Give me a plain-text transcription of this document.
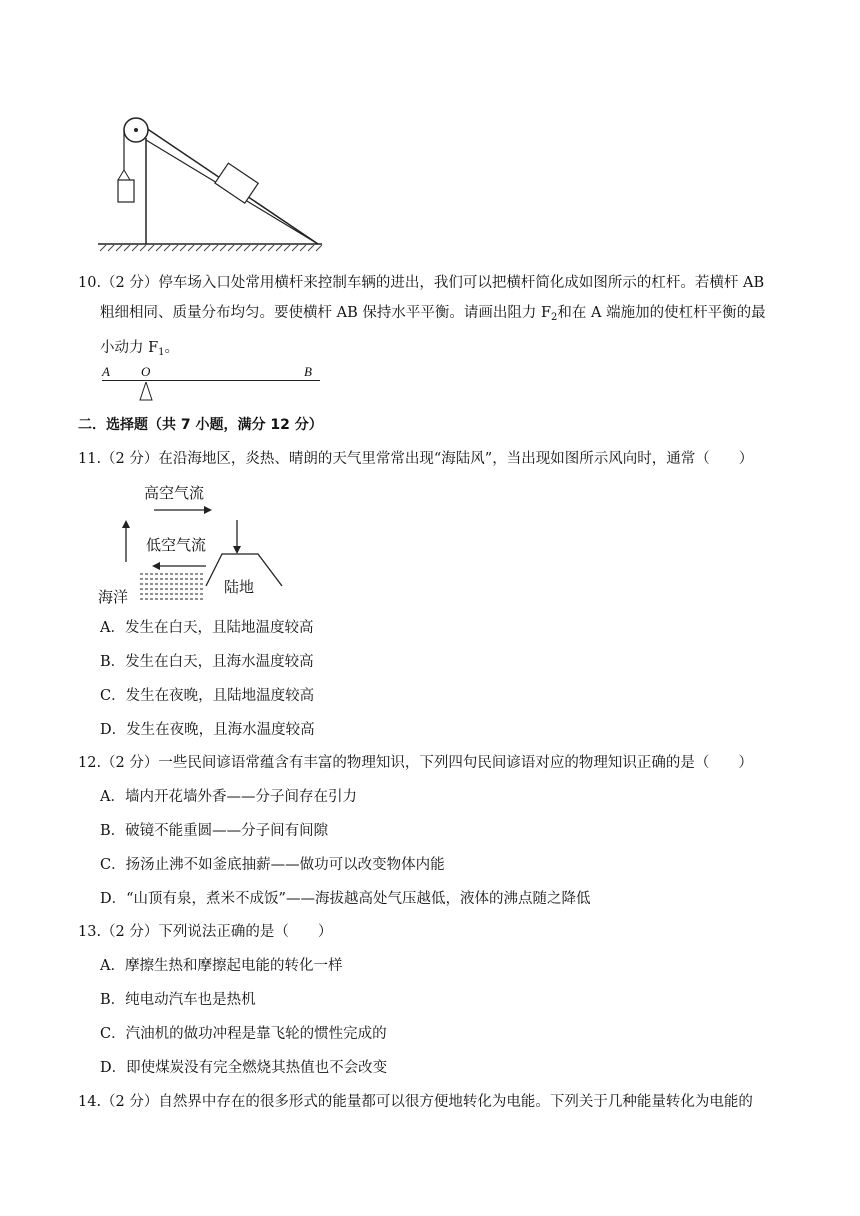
10.（2 分）停车场入口处常用横杆来控制车辆的进出，我们可以把横杆简化成如图所示的杠杆。若横杆 AB
粗细相同、质量分布均匀。要使横杆 AB 保持水平平衡。请画出阻力 $F_2$和在 A 端施加的使杠杆平衡的最
小动力 $F_1$。
A O	B
二．选择题（共 7 小题，满分 12 分）
11.（2 分）在沿海地区，炎热、晴朗的天气里常常出现“海陆风”，当出现如图所示风向时，通常（　　）
高空气流
低空气流
陆地
海洋
A．发生在白天，且陆地温度较高
B．发生在白天，且海水温度较高
C．发生在夜晚，且陆地温度较高
D．发生在夜晚，且海水温度较高
12.（2 分）一些民间谚语常蕴含有丰富的物理知识，下列四句民间谚语对应的物理知识正确的是（　　）
A．墙内开花墙外香——分子间存在引力
B．破镜不能重圆——分子间有间隙
C．扬汤止沸不如釜底抽薪——做功可以改变物体内能
D．“山顶有泉，煮米不成饭”——海拔越高处气压越低，液体的沸点随之降低
13.（2 分）下列说法正确的是（　　）
A．摩擦生热和摩擦起电能的转化一样
B．纯电动汽车也是热机
C．汽油机的做功冲程是靠飞轮的惯性完成的
D．即使煤炭没有完全燃烧其热值也不会改变
14.（2 分）自然界中存在的很多形式的能量都可以很方便地转化为电能。下列关于几种能量转化为电能的
